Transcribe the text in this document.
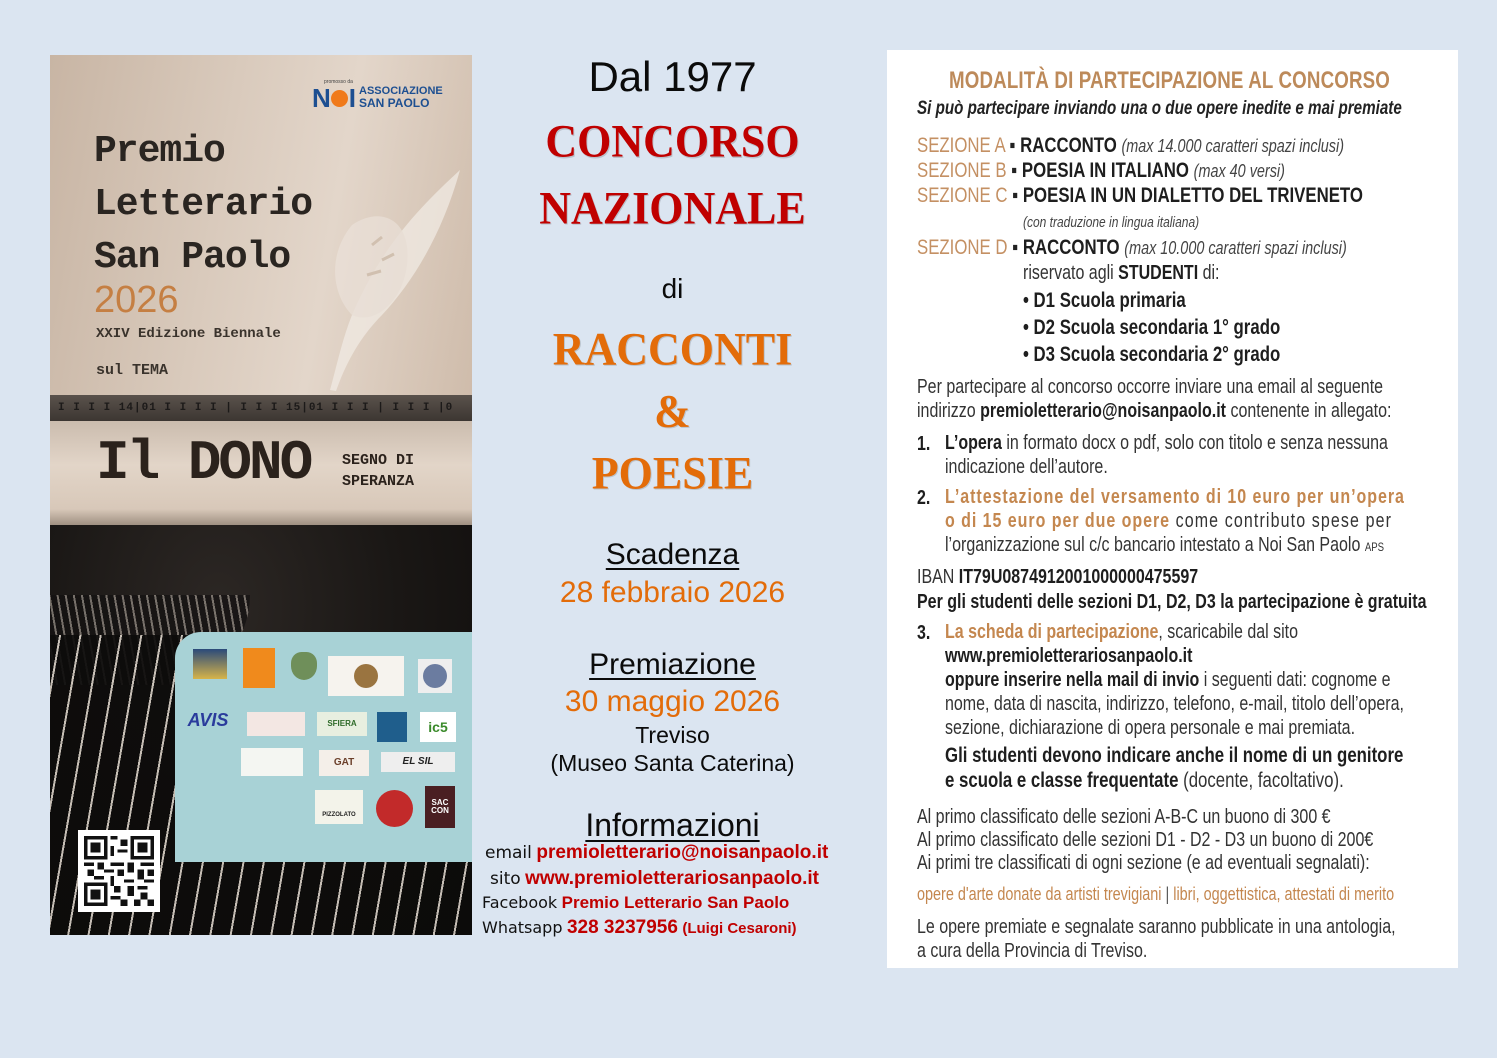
promosso da
N I ASSOCIAZIONE
SAN PAOLO
Premio
Letterario
San Paolo
2026
XXIV Edizione Biennale
sul TEMA
I I I I 14|01 I I I I | I I I 15|01 I I I | I I I |0
Il DONO SEGNO DI
SPERANZA
AVIS	SFIERA	ic5
GAT	EL SIL
PIZZOLATO
SAC CON
Dal 1977
CONCORSO
NAZIONALE
di
RACCONTI
&
POESIE
Scadenza
28 febbraio 2026
Premiazione
30 maggio 2026
Treviso
(Museo Santa Caterina)
Informazioni
email premioletterario@noisanpaolo.it
sito www.premioletterariosanpaolo.it
Facebook Premio Letterario San Paolo
Whatsapp 328 3237956 (Luigi Cesaroni)
MODALITÀ DI PARTECIPAZIONE AL CONCORSO
Si può partecipare inviando una o due opere inedite e mai premiate
SEZIONE A ▪ RACCONTO (max 14.000 caratteri spazi inclusi)
SEZIONE B ▪ POESIA IN ITALIANO (max 40 versi)
SEZIONE C ▪ POESIA IN UN DIALETTO DEL TRIVENETO
(con traduzione in lingua italiana)
SEZIONE D ▪ RACCONTO (max 10.000 caratteri spazi inclusi)
riservato agli STUDENTI di:
• D1 Scuola primaria
• D2 Scuola secondaria 1° grado
• D3 Scuola secondaria 2° grado
Per partecipare al concorso occorre inviare una email al seguente
indirizzo premioletterario@noisanpaolo.it contenente in allegato:
1. L’opera in formato docx o pdf, solo con titolo e senza nessuna
indicazione dell’autore.
2. L’attestazione del versamento di 10 euro per un’opera
o di 15 euro per due opere come contributo spese per
l’organizzazione sul c/c bancario intestato a Noi San Paolo APS
IBAN IT79U0874912001000000475597
Per gli studenti delle sezioni D1, D2, D3 la partecipazione è gratuita
3. La scheda di partecipazione, scaricabile dal sito
www.premioletterariosanpaolo.it
oppure inserire nella mail di invio i seguenti dati: cognome e
nome, data di nascita, indirizzo, telefono, e-mail, titolo dell’opera,
sezione, dichiarazione di opera personale e mai premiata.
Gli studenti devono indicare anche il nome di un genitore
e scuola e classe frequentate (docente, facoltativo).
Al primo classificato delle sezioni A-B-C un buono di 300 €
Al primo classificato delle sezioni D1 - D2 - D3 un buono di 200€
Ai primi tre classificati di ogni sezione (e ad eventuali segnalati):
opere d'arte donate da artisti trevigiani | libri, oggettistica, attestati di merito
Le opere premiate e segnalate saranno pubblicate in una antologia,
a cura della Provincia di Treviso.
